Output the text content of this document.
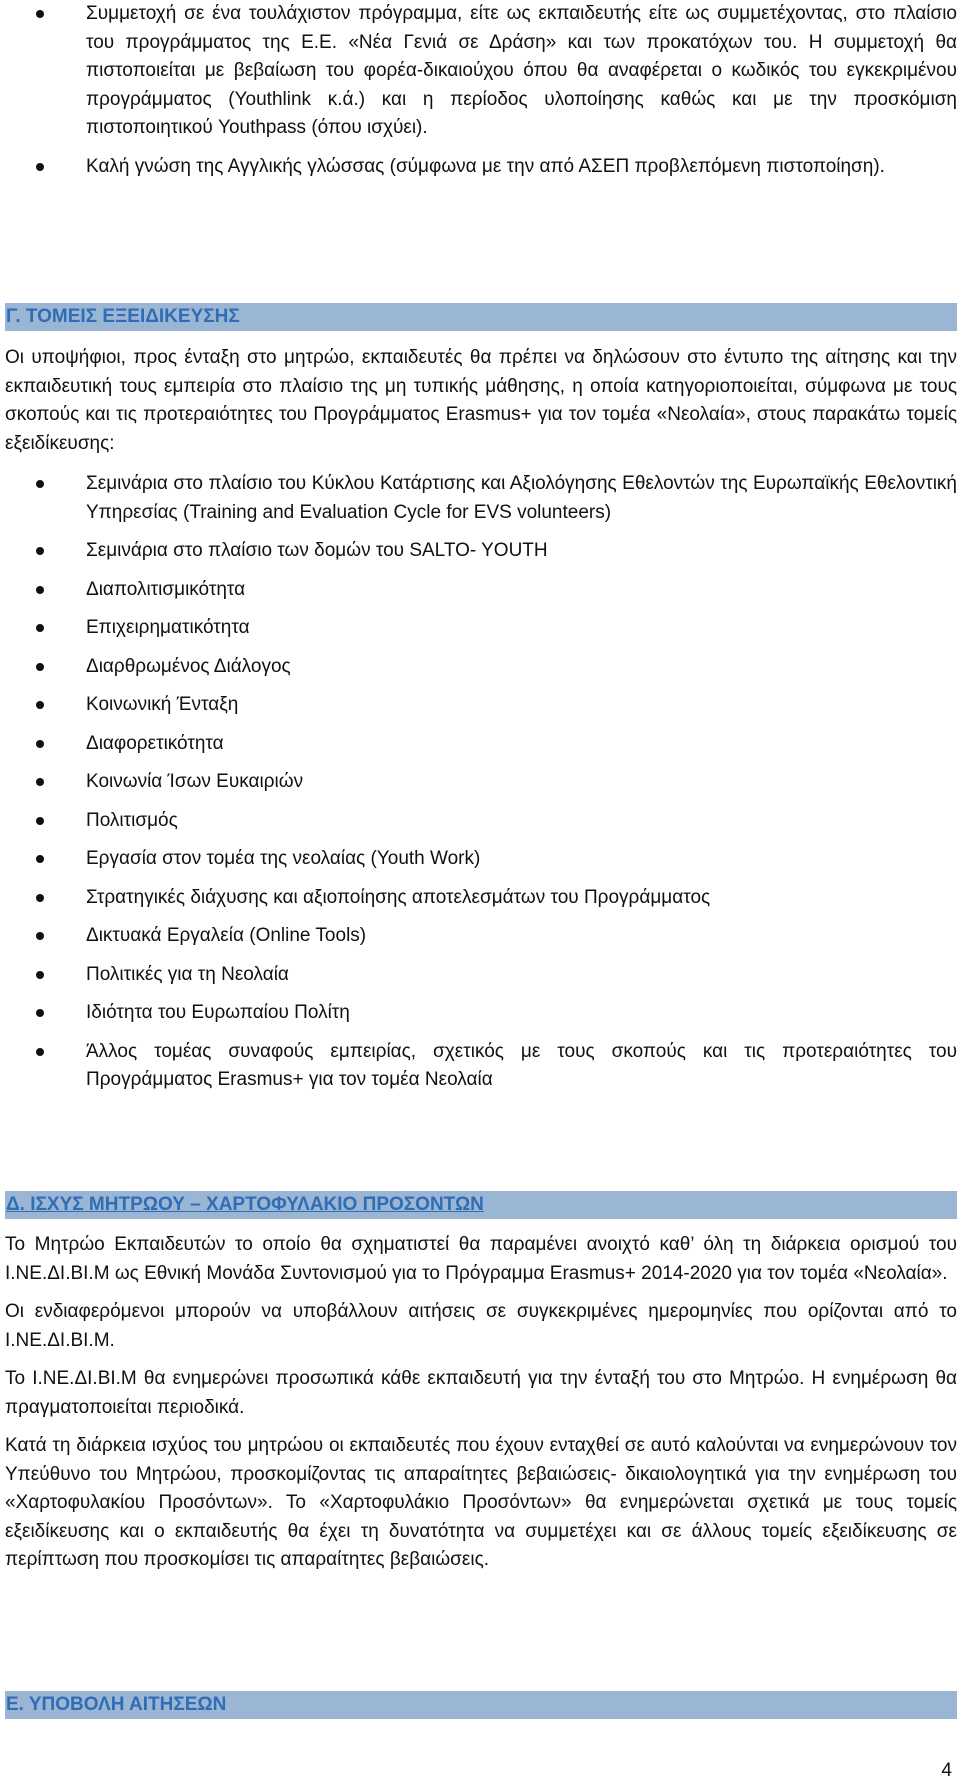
Συμμετοχή σε ένα τουλάχιστον πρόγραμμα, είτε ως εκπαιδευτής είτε ως συμμετέχοντας, στο πλαίσιο του προγράμματος της Ε.Ε. «Νέα Γενιά σε Δράση» και των προκατόχων του. Η συμμετοχή θα πιστοποιείται με βεβαίωση του φορέα-δικαιούχου όπου θα αναφέρεται ο κωδικός του εγκεκριμένου προγράμματος (Youthlink κ.ά.) και η περίοδος υλοποίησης καθώς και με την προσκόμιση πιστοποιητικού Youthpass (όπου ισχύει).
Καλή γνώση της Αγγλικής γλώσσας (σύμφωνα με την από ΑΣΕΠ προβλεπόμενη πιστοποίηση).
Γ. ΤΟΜΕΙΣ ΕΞΕΙΔΙΚΕΥΣΗΣ

Οι υποψήφιοι, προς ένταξη στο μητρώο, εκπαιδευτές θα πρέπει να δηλώσουν στο έντυπο της αίτησης και την εκπαιδευτική τους εμπειρία στο πλαίσιο της μη τυπικής μάθησης, η οποία κατηγοριοποιείται, σύμφωνα με τους σκοπούς και τις προτεραιότητες του Προγράμματος Erasmus+ για τον τομέα «Νεολαία», στους παρακάτω τομείς εξειδίκευσης:

Σεμινάρια στο πλαίσιο του Κύκλου Κατάρτισης και Αξιολόγησης Εθελοντών της Ευρωπαϊκής Εθελοντική Υπηρεσίας (Training and Evaluation Cycle for EVS volunteers)
Σεμινάρια στο πλαίσιο των δομών του SALTO- YOUTH
Διαπολιτισμικότητα
Επιχειρηματικότητα
Διαρθρωμένος Διάλογος
Κοινωνική Ένταξη
Διαφορετικότητα
Κοινωνία Ίσων Ευκαιριών
Πολιτισμός
Εργασία στον τομέα της νεολαίας (Youth Work)
Στρατηγικές διάχυσης και αξιοποίησης αποτελεσμάτων του Προγράμματος
Δικτυακά Εργαλεία (Online Tools)
Πολιτικές για τη Νεολαία
Ιδιότητα του Ευρωπαίου Πολίτη
Άλλος τομέας συναφούς εμπειρίας, σχετικός με τους σκοπούς και τις προτεραιότητες του Προγράμματος Erasmus+ για τον τομέα Νεολαία
Δ. ΙΣΧΥΣ ΜΗΤΡΩΟΥ – ΧΑΡΤΟΦΥΛΑΚΙΟ ΠΡΟΣΟΝΤΩΝ

Το Μητρώο Εκπαιδευτών το οποίο θα σχηματιστεί θα παραμένει ανοιχτό καθ’ όλη τη διάρκεια ορισμού του Ι.ΝΕ.ΔΙ.ΒΙ.Μ ως Εθνική Μονάδα Συντονισμού για το Πρόγραμμα Erasmus+ 2014-2020 για τον τομέα «Νεολαία».

Οι ενδιαφερόμενοι μπορούν να υποβάλλουν αιτήσεις σε συγκεκριμένες ημερομηνίες που ορίζονται από το Ι.ΝΕ.ΔΙ.ΒΙ.Μ.

Το Ι.ΝΕ.ΔΙ.ΒΙ.Μ θα ενημερώνει προσωπικά κάθε εκπαιδευτή για την ένταξή του στο Μητρώο. Η ενημέρωση θα πραγματοποιείται περιοδικά.

Κατά τη διάρκεια ισχύος του μητρώου οι εκπαιδευτές που έχουν ενταχθεί σε αυτό καλούνται να ενημερώνουν τον Υπεύθυνο του Μητρώου, προσκομίζοντας τις απαραίτητες βεβαιώσεις- δικαιολογητικά για την ενημέρωση του «Χαρτοφυλακίου Προσόντων». Το «Χαρτοφυλάκιο Προσόντων» θα ενημερώνεται σχετικά με τους τομείς εξειδίκευσης και ο εκπαιδευτής θα έχει τη δυνατότητα να συμμετέχει και σε άλλους τομείς εξειδίκευσης σε περίπτωση που προσκομίσει τις απαραίτητες βεβαιώσεις.

Ε. ΥΠΟΒΟΛΗ ΑΙΤΗΣΕΩΝ
4
